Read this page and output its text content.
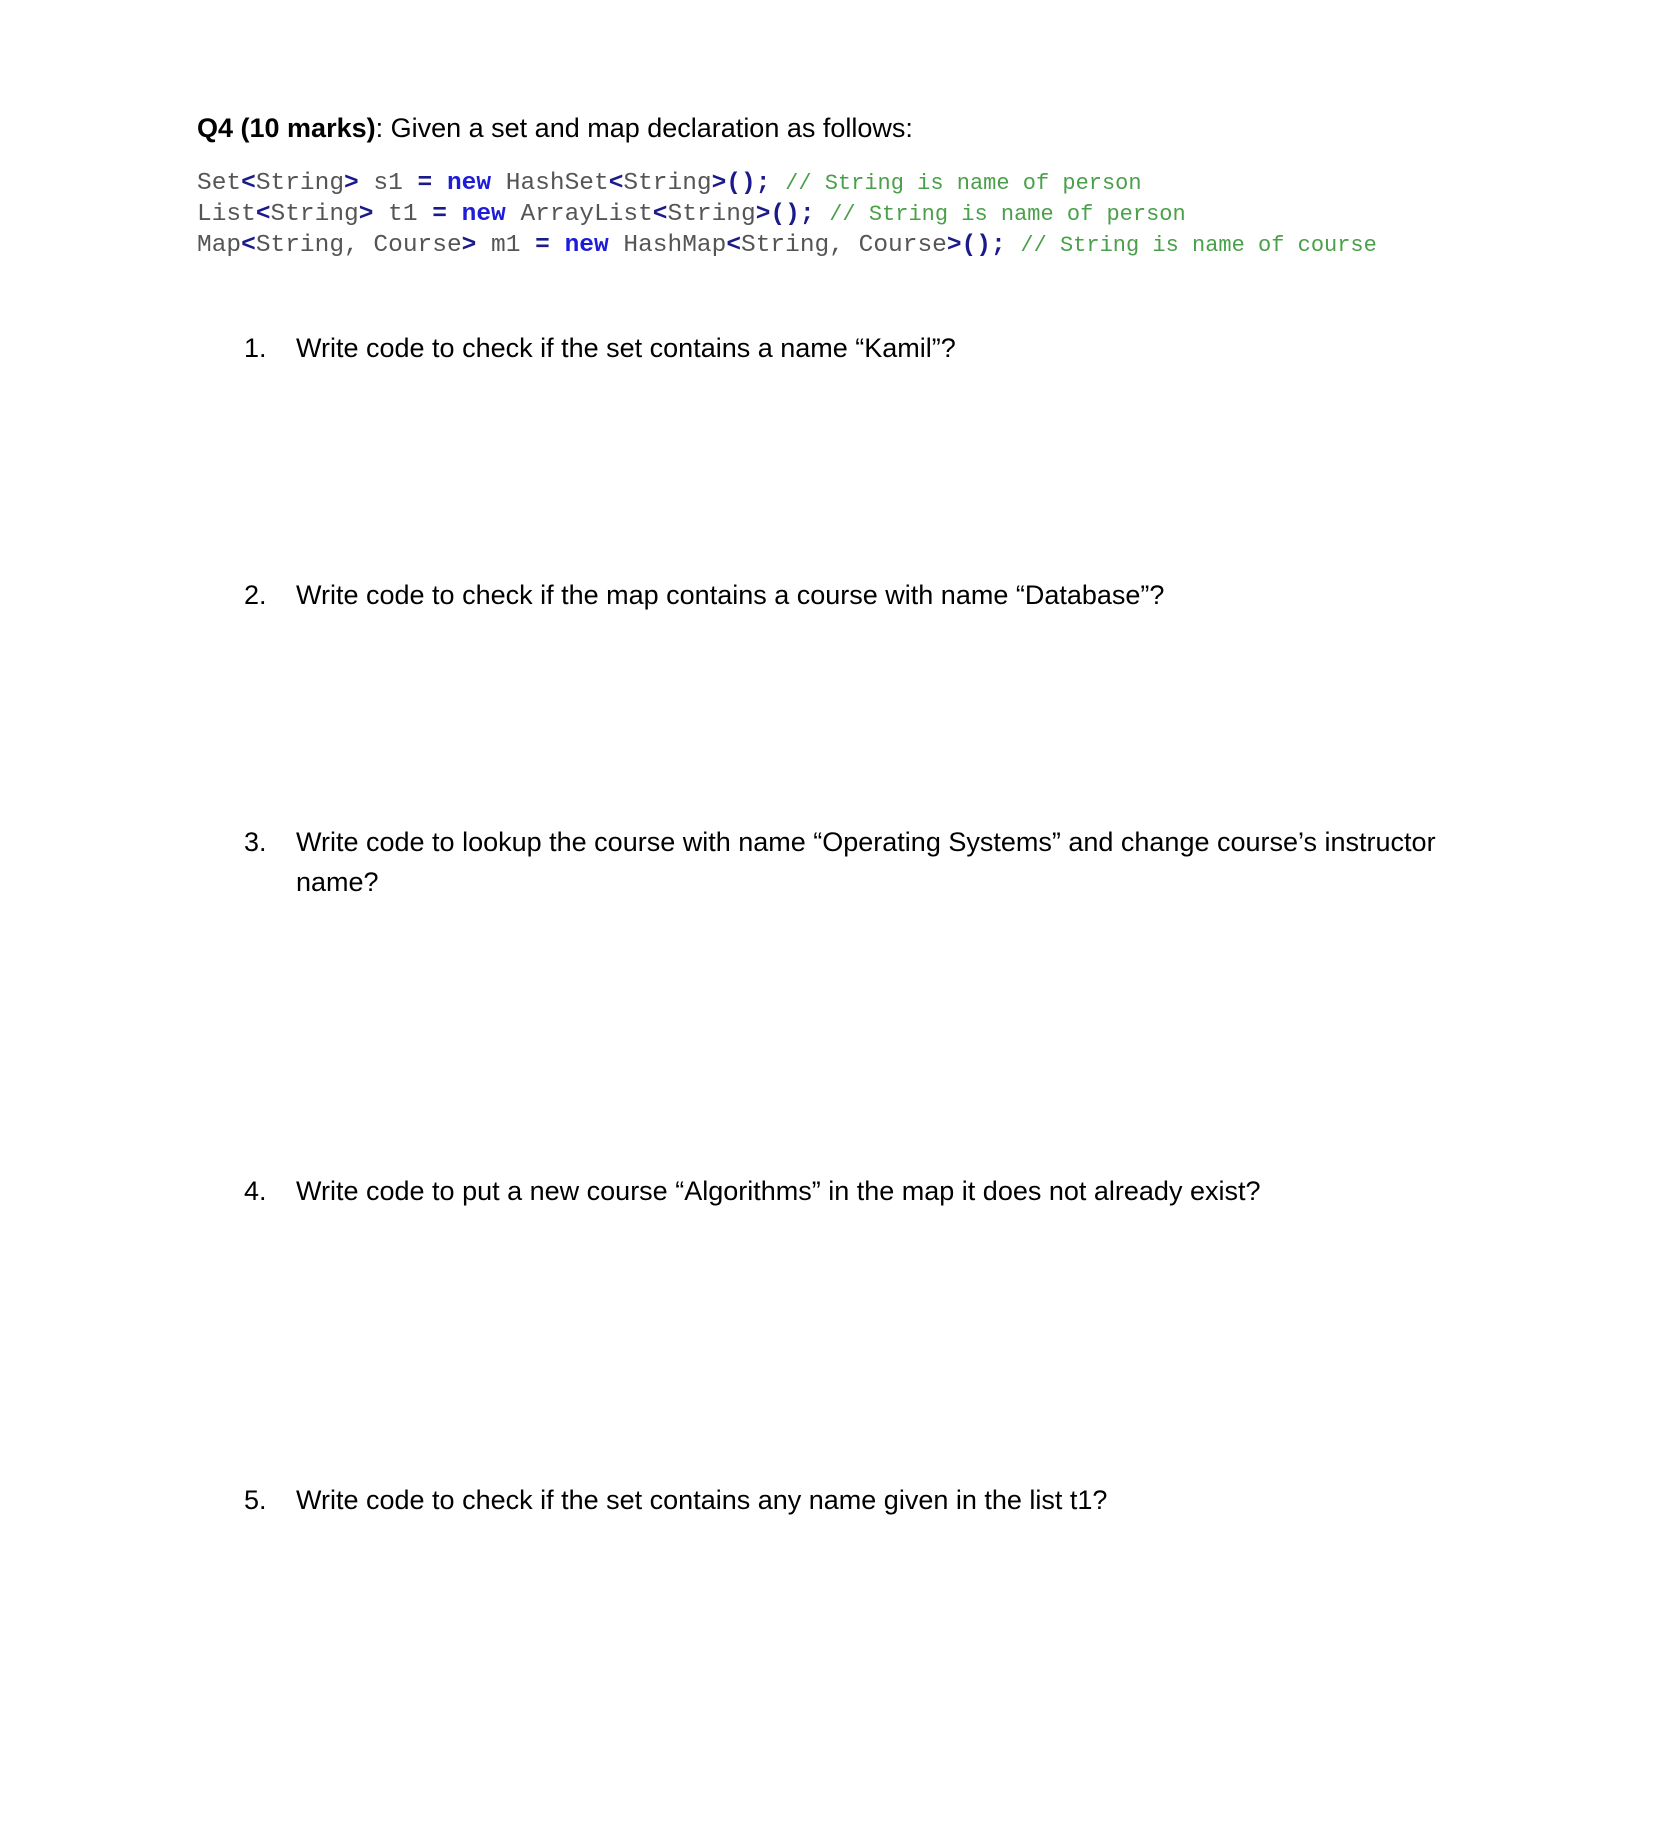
Q4 (10 marks): Given a set and map declaration as follows:
Set<String> s1 = new HashSet<String>(); // String is name of person
List<String> t1 = new ArrayList<String>(); // String is name of person
Map<String, Course> m1 = new HashMap<String, Course>(); // String is name of course
1.	Write code to check if the set contains a name “Kamil”?
2.	Write code to check if the map contains a course with name “Database”?
3.	Write code to lookup the course with name “Operating Systems” and change course’s instructor name?
4.	Write code to put a new course “Algorithms” in the map it does not already exist?
5.	Write code to check if the set contains any name given in the list t1?
